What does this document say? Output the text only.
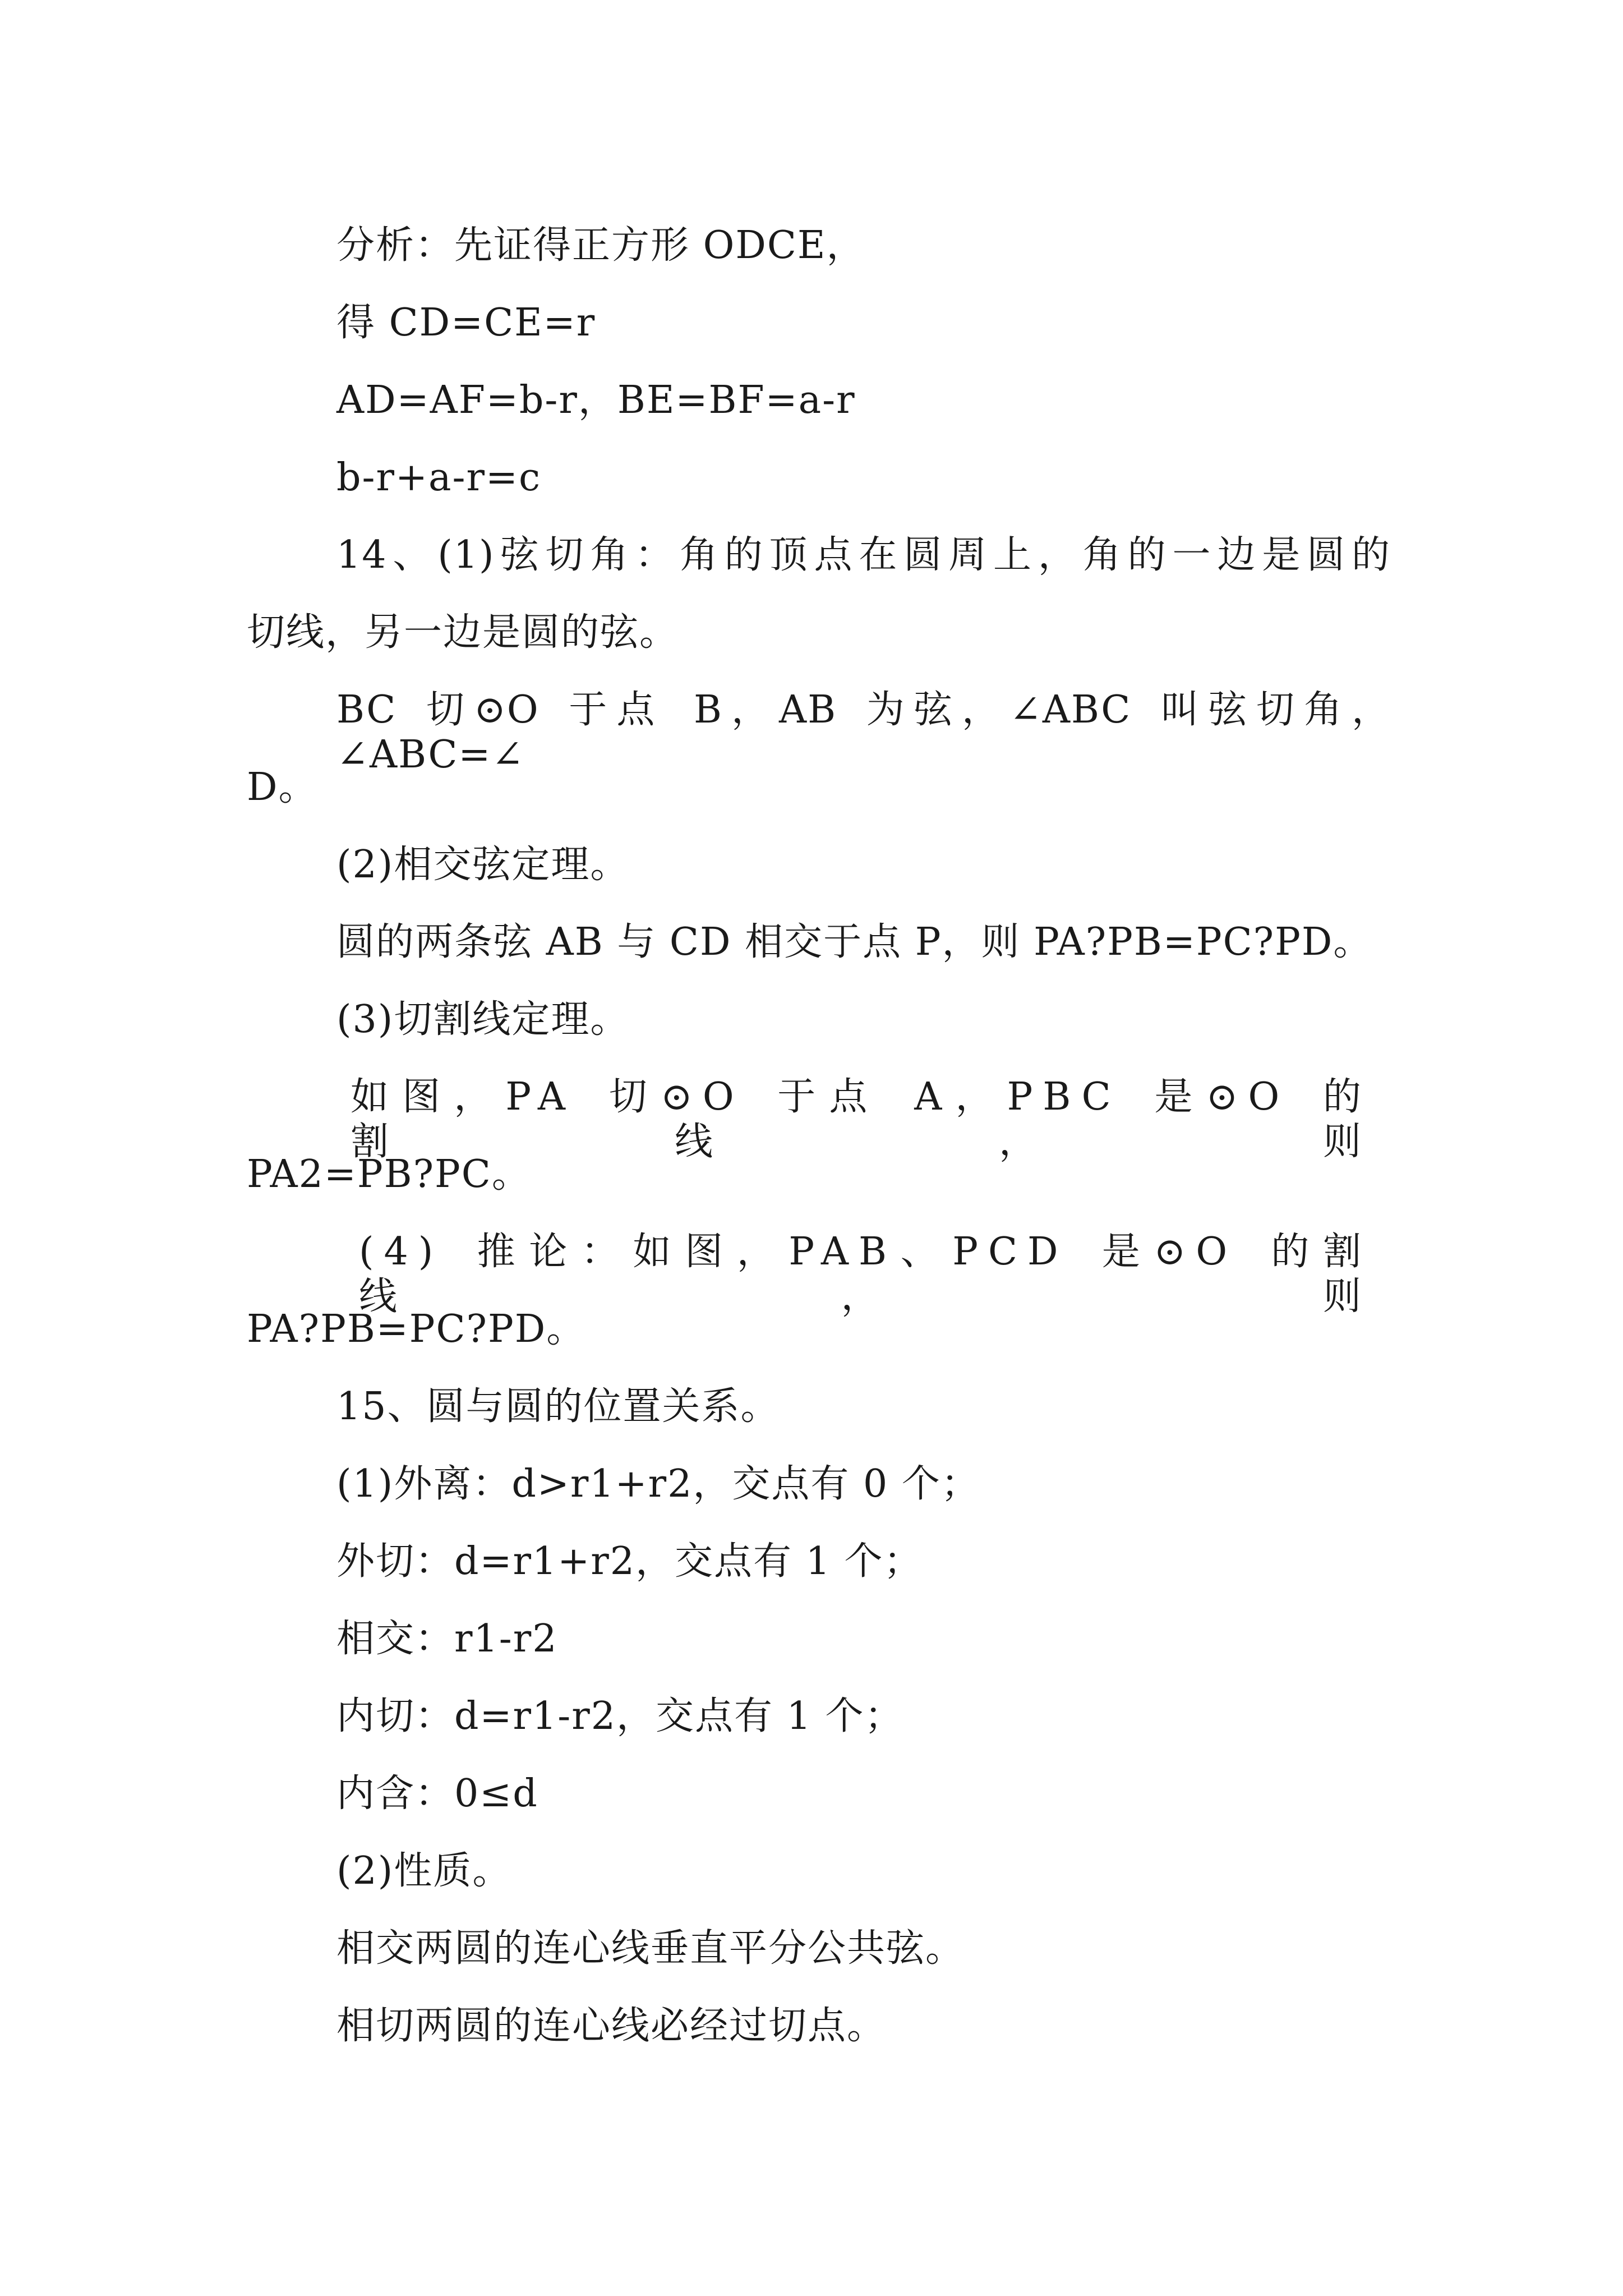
分析：先证得正方形 ODCE，
得 CD=CE=r
AD=AF=b-r，BE=BF=a-r
b-r+a-r=c
14、(1)弦切角：角的顶点在圆周上，角的一边是圆的
切线，另一边是圆的弦。
BC 切⊙O 于点 B，AB 为弦，∠ABC 叫弦切角，∠ABC=∠
D。
(2)相交弦定理。
圆的两条弦 AB 与 CD 相交于点 P，则 PA?PB=PC?PD。
(3)切割线定理。
如图，PA 切⊙O 于点 A，PBC 是⊙O 的割线，则
PA2=PB?PC。
(4) 推论：如图，PAB、PCD 是⊙O 的割线，则
PA?PB=PC?PD。
15、圆与圆的位置关系。
(1)外离：d>r1+r2，交点有 0 个；
外切：d=r1+r2，交点有 1 个；
相交：r1-r2
内切：d=r1-r2，交点有 1 个；
内含：0≤d
(2)性质。
相交两圆的连心线垂直平分公共弦。
相切两圆的连心线必经过切点。
